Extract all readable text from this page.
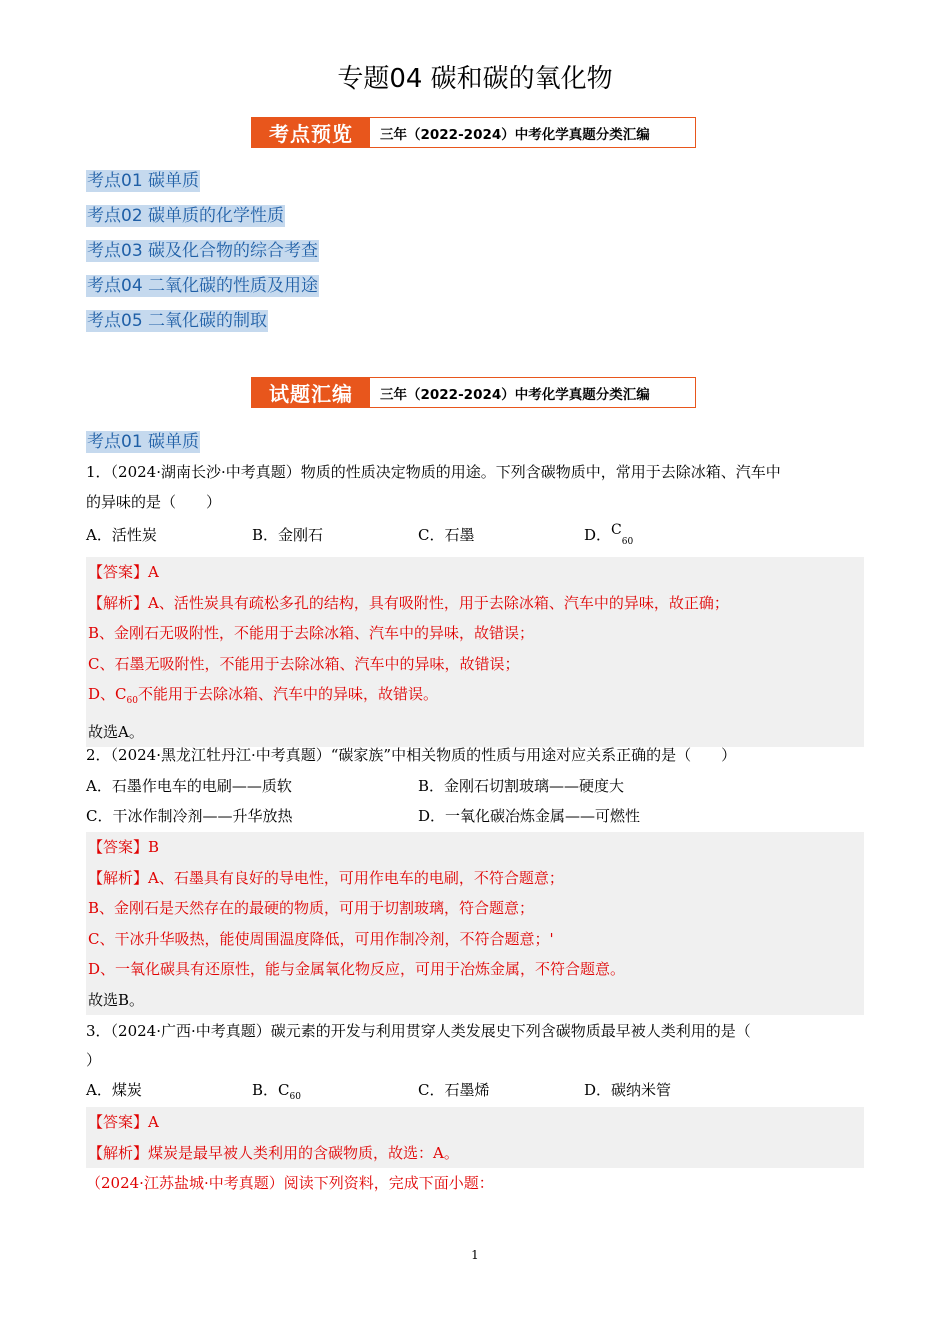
专题04 碳和碳的氧化物
考点预览	三年（2022-2024）中考化学真题分类汇编
考点01 碳单质
考点02 碳单质的化学性质
考点03 碳及化合物的综合考查
考点04 二氧化碳的性质及用途
考点05 二氧化碳的制取
试题汇编	三年（2022-2024）中考化学真题分类汇编
考点01 碳单质
1．（2024·湖南长沙·中考真题）物质的性质决定物质的用途。下列含碳物质中，常用于去除冰箱、汽车中
的异味的是（　　）
A．活性炭	B．金刚石	C．石墨	D．$C_{60}$
【答案】A
【解析】A、活性炭具有疏松多孔的结构，具有吸附性，用于去除冰箱、汽车中的异味，故正确；
B、金刚石无吸附性，不能用于去除冰箱、汽车中的异味，故错误；
C、石墨无吸附性，不能用于去除冰箱、汽车中的异味，故错误；
D、$C_{60}$不能用于去除冰箱、汽车中的异味，故错误。
故选A。
2．（2024·黑龙江牡丹江·中考真题）“碳家族”中相关物质的性质与用途对应关系正确的是（　　）
A．石墨作电车的电刷——质软	B．金刚石切割玻璃——硬度大
C．干冰作制冷剂——升华放热	D．一氧化碳冶炼金属——可燃性
【答案】B
【解析】A、石墨具有良好的导电性，可用作电车的电刷，不符合题意；
B、金刚石是天然存在的最硬的物质，可用于切割玻璃，符合题意；
C、干冰升华吸热，能使周围温度降低，可用作制冷剂，不符合题意；'
D、一氧化碳具有还原性，能与金属氧化物反应，可用于冶炼金属，不符合题意。
故选B。
3．（2024·广西·中考真题）碳元素的开发与利用贯穿人类发展史下列含碳物质最早被人类利用的是（
）
A．煤炭	B．$C_{60}$	C．石墨烯	D．碳纳米管
【答案】A
【解析】煤炭是最早被人类利用的含碳物质，故选：A。
（2024·江苏盐城·中考真题）阅读下列资料，完成下面小题：
1
